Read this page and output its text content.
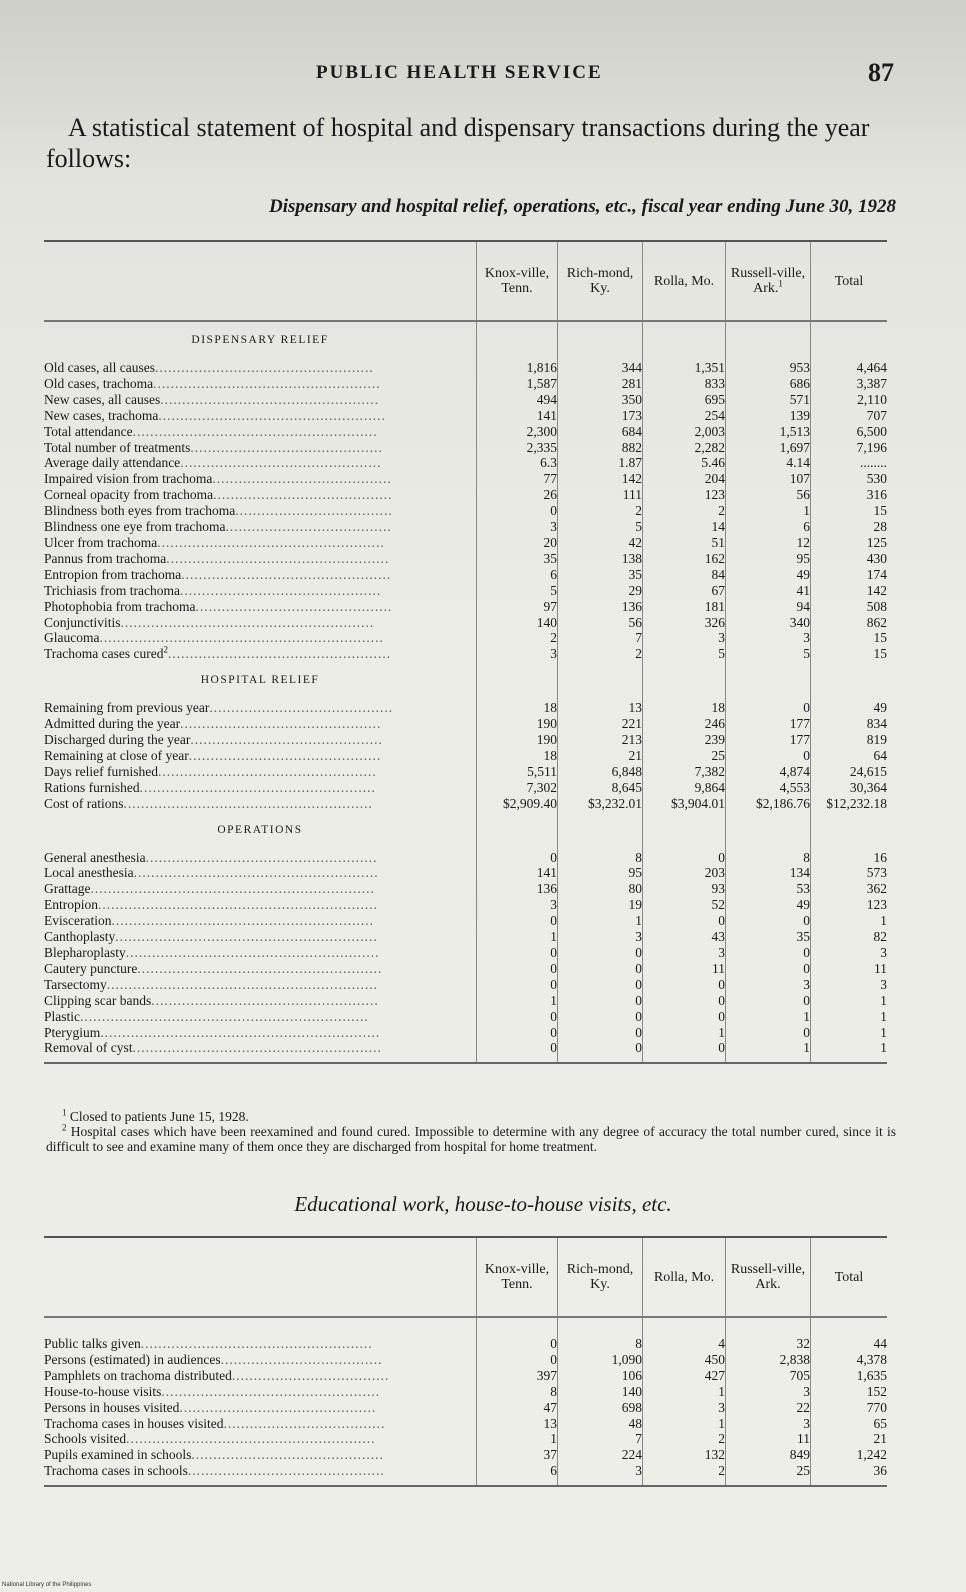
PUBLIC HEALTH SERVICE	87
A statistical statement of hospital and dispensary transactions during the year follows:
Dispensary and hospital relief, operations, etc., fiscal year ending June 30, 1928
	Knox-ville, Tenn.	Rich-mond, Ky.	Rolla, Mo.	Russell-ville, Ark.$^1$	Total
DISPENSARY RELIEF					
Old cases, all causes..................................................	1,816	344	1,351	953	4,464
Old cases, trachoma....................................................	1,587	281	833	686	3,387
New cases, all causes..................................................	494	350	695	571	2,110
New cases, trachoma....................................................	141	173	254	139	707
Total attendance........................................................	2,300	684	2,003	1,513	6,500
Total number of treatments............................................	2,335	882	2,282	1,697	7,196
Average daily attendance..............................................	6.3	1.87	5.46	4.14	........
Impaired vision from trachoma.........................................	77	142	204	107	530
Corneal opacity from trachoma.........................................	26	111	123	56	316
Blindness both eyes from trachoma....................................	0	2	2	1	15
Blindness one eye from trachoma......................................	3	5	14	6	28
Ulcer from trachoma....................................................	20	42	51	12	125
Pannus from trachoma...................................................	35	138	162	95	430
Entropion from trachoma................................................	6	35	84	49	174
Trichiasis from trachoma..............................................	5	29	67	41	142
Photophobia from trachoma.............................................	97	136	181	94	508
Conjunctivitis..........................................................	140	56	326	340	862
Glaucoma.................................................................	2	7	3	3	15
Trachoma cases cured$^2$...................................................	3	2	5	5	15
HOSPITAL RELIEF					
Remaining from previous year..........................................	18	13	18	0	49
Admitted during the year..............................................	190	221	246	177	834
Discharged during the year............................................	190	213	239	177	819
Remaining at close of year............................................	18	21	25	0	64
Days relief furnished..................................................	5,511	6,848	7,382	4,874	24,615
Rations furnished......................................................	7,302	8,645	9,864	4,553	30,364
Cost of rations.........................................................	$2,909.40	$3,232.01	$3,904.01	$2,186.76	$12,232.18
OPERATIONS					
General anesthesia.....................................................	0	8	0	8	16
Local anesthesia........................................................	141	95	203	134	573
Grattage.................................................................	136	80	93	53	362
Entropion................................................................	3	19	52	49	123
Evisceration............................................................	0	1	0	0	1
Canthoplasty............................................................	1	3	43	35	82
Blepharoplasty..........................................................	0	0	3	0	3
Cautery puncture........................................................	0	0	11	0	11
Tarsectomy..............................................................	0	0	0	3	3
Clipping scar bands....................................................	1	0	0	0	1
Plastic..................................................................	0	0	0	1	1
Pterygium................................................................	0	0	1	0	1
Removal of cyst.........................................................	0	0	0	1	1

$^1$ Closed to patients June 15, 1928.

$^2$ Hospital cases which have been reexamined and found cured. Impossible to determine with any degree of accuracy the total number cured, since it is difficult to see and examine many of them once they are discharged from hospital for home treatment.

Educational work, house-to-house visits, etc.
	Knox-ville, Tenn.	Rich-mond, Ky.	Rolla, Mo.	Russell-ville, Ark.	Total

Public talks given.....................................................	0	8	4	32	44
Persons (estimated) in audiences.....................................	0	1,090	450	2,838	4,378
Pamphlets on trachoma distributed....................................	397	106	427	705	1,635
House-to-house visits..................................................	8	140	1	3	152
Persons in houses visited.............................................	47	698	3	22	770
Trachoma cases in houses visited.....................................	13	48	1	3	65
Schools visited.........................................................	1	7	2	11	21
Pupils examined in schools............................................	37	224	132	849	1,242
Trachoma cases in schools.............................................	6	3	2	25	36
National Library of the Philippines
